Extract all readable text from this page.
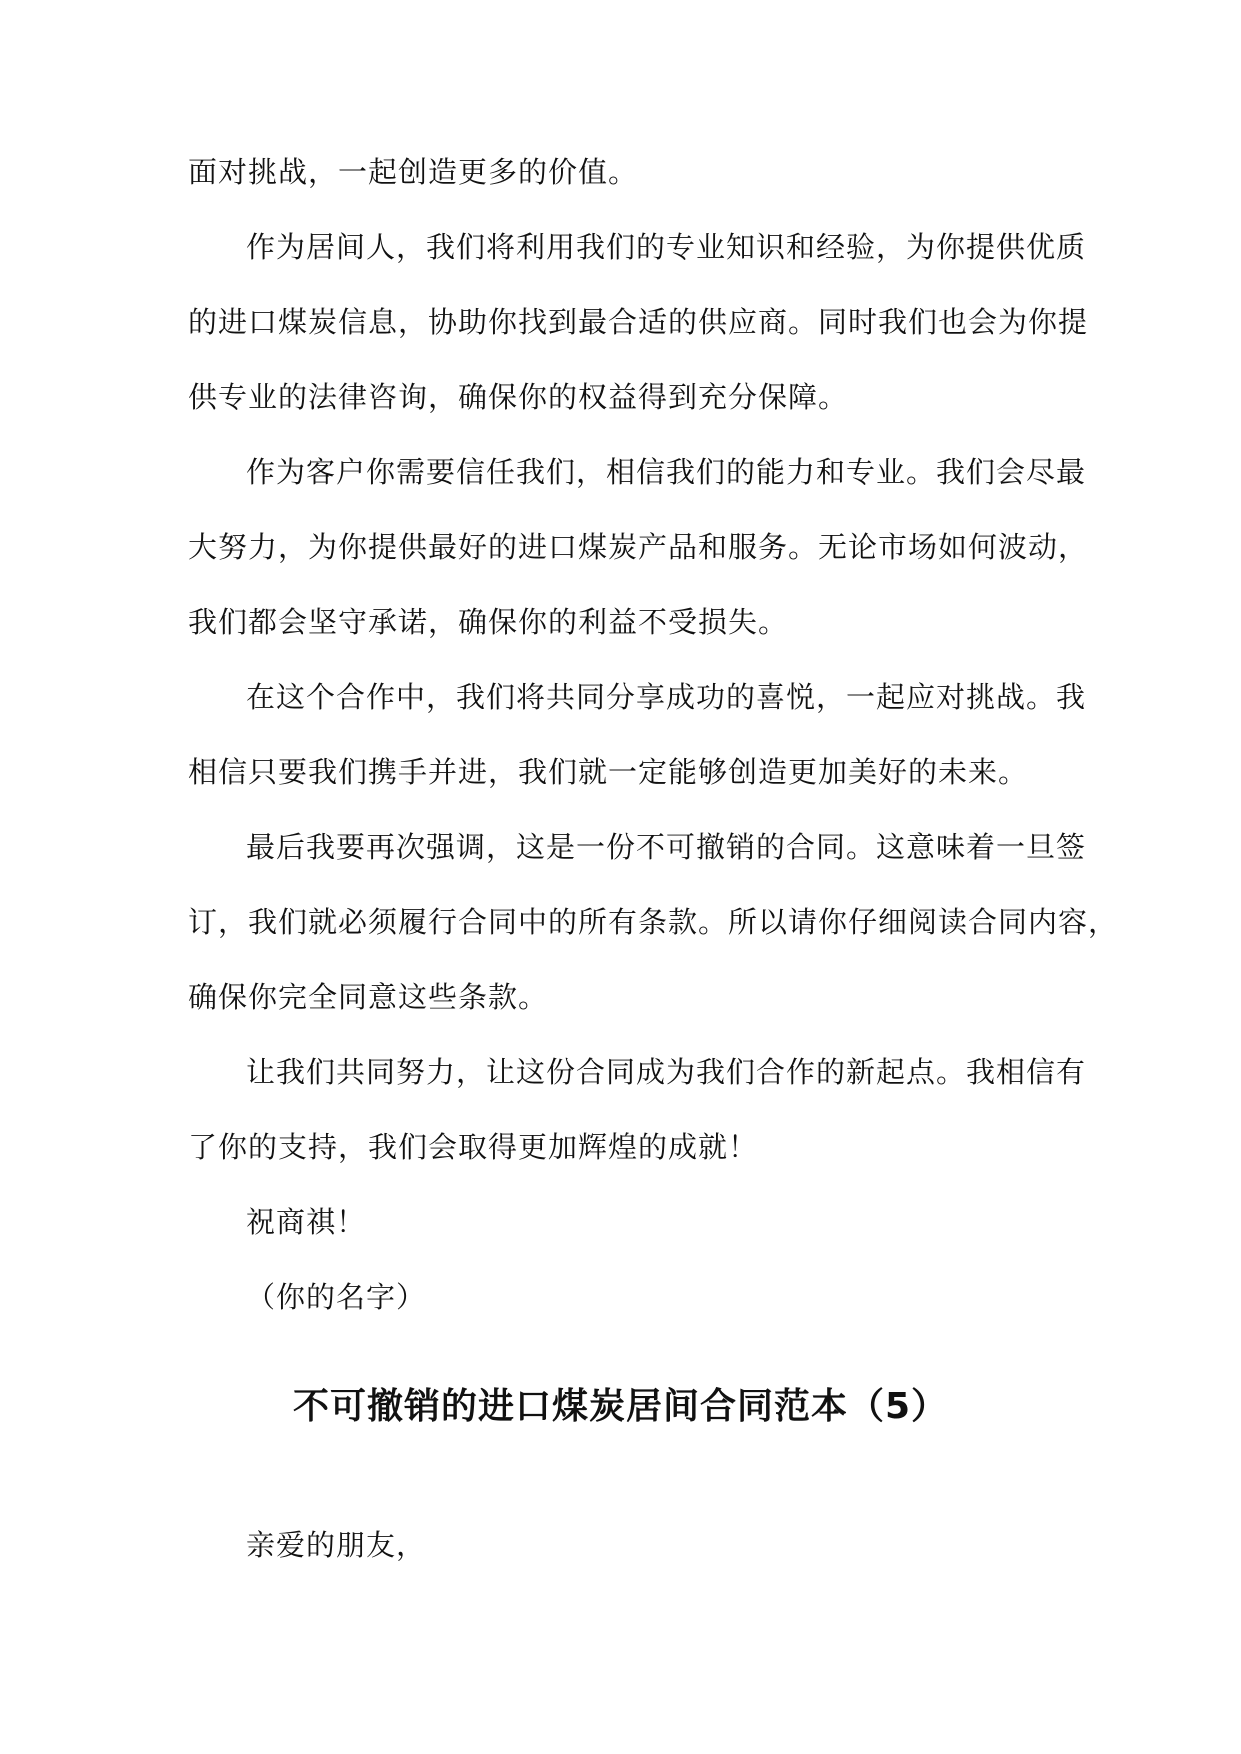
面对挑战，一起创造更多的价值。
作为居间人，我们将利用我们的专业知识和经验，为你提供优质
的进口煤炭信息，协助你找到最合适的供应商。同时我们也会为你提
供专业的法律咨询，确保你的权益得到充分保障。
作为客户你需要信任我们，相信我们的能力和专业。我们会尽最
大努力，为你提供最好的进口煤炭产品和服务。无论市场如何波动，
我们都会坚守承诺，确保你的利益不受损失。
在这个合作中，我们将共同分享成功的喜悦，一起应对挑战。我
相信只要我们携手并进，我们就一定能够创造更加美好的未来。
最后我要再次强调，这是一份不可撤销的合同。这意味着一旦签
订，我们就必须履行合同中的所有条款。所以请你仔细阅读合同内容，
确保你完全同意这些条款。
让我们共同努力，让这份合同成为我们合作的新起点。我相信有
了你的支持，我们会取得更加辉煌的成就！
祝商祺！
（你的名字）
不可撤销的进口煤炭居间合同范本（5）
亲爱的朋友，
